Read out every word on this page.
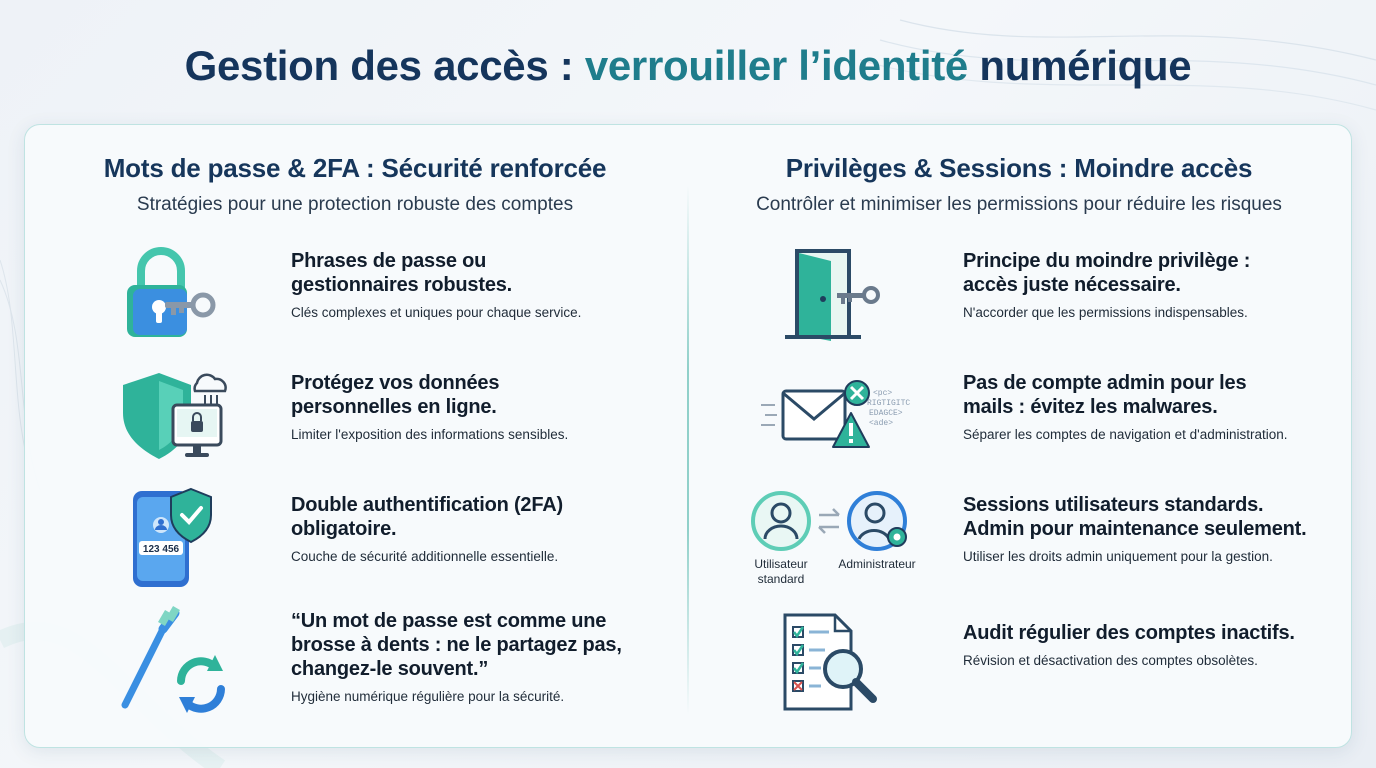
Gestion des accès : verrouiller l’identité numérique
Mots de passe & 2FA : Sécurité renforcée
Stratégies pour une protection robuste des comptes
Privilèges & Sessions : Moindre accès
Contrôler et minimiser les permissions pour réduire les risques
Phrases de passe ou
gestionnaires robustes.
Clés complexes et uniques pour chaque service.
Protégez vos données
personnelles en ligne.
Limiter l'exposition des informations sensibles.
123 456
Double authentification (2FA)
obligatoire.
Couche de sécurité additionnelle essentielle.
“Un mot de passe est comme une
brosse à dents : ne le partagez pas,
changez-le souvent.”
Hygiène numérique régulière pour la sécurité.
Principe du moindre privilège :
accès juste nécessaire.
N'accorder que les permissions indispensables.
<pc>
RIGTIGITC
EDAGCE>
<ade>
Pas de compte admin pour les
mails : évitez les malwares.
Séparer les comptes de navigation et d'administration.
Utilisateur
standard
Administrateur
Sessions utilisateurs standards.
Admin pour maintenance seulement.
Utiliser les droits admin uniquement pour la gestion.
Audit régulier des comptes inactifs.
Révision et désactivation des comptes obsolètes.
